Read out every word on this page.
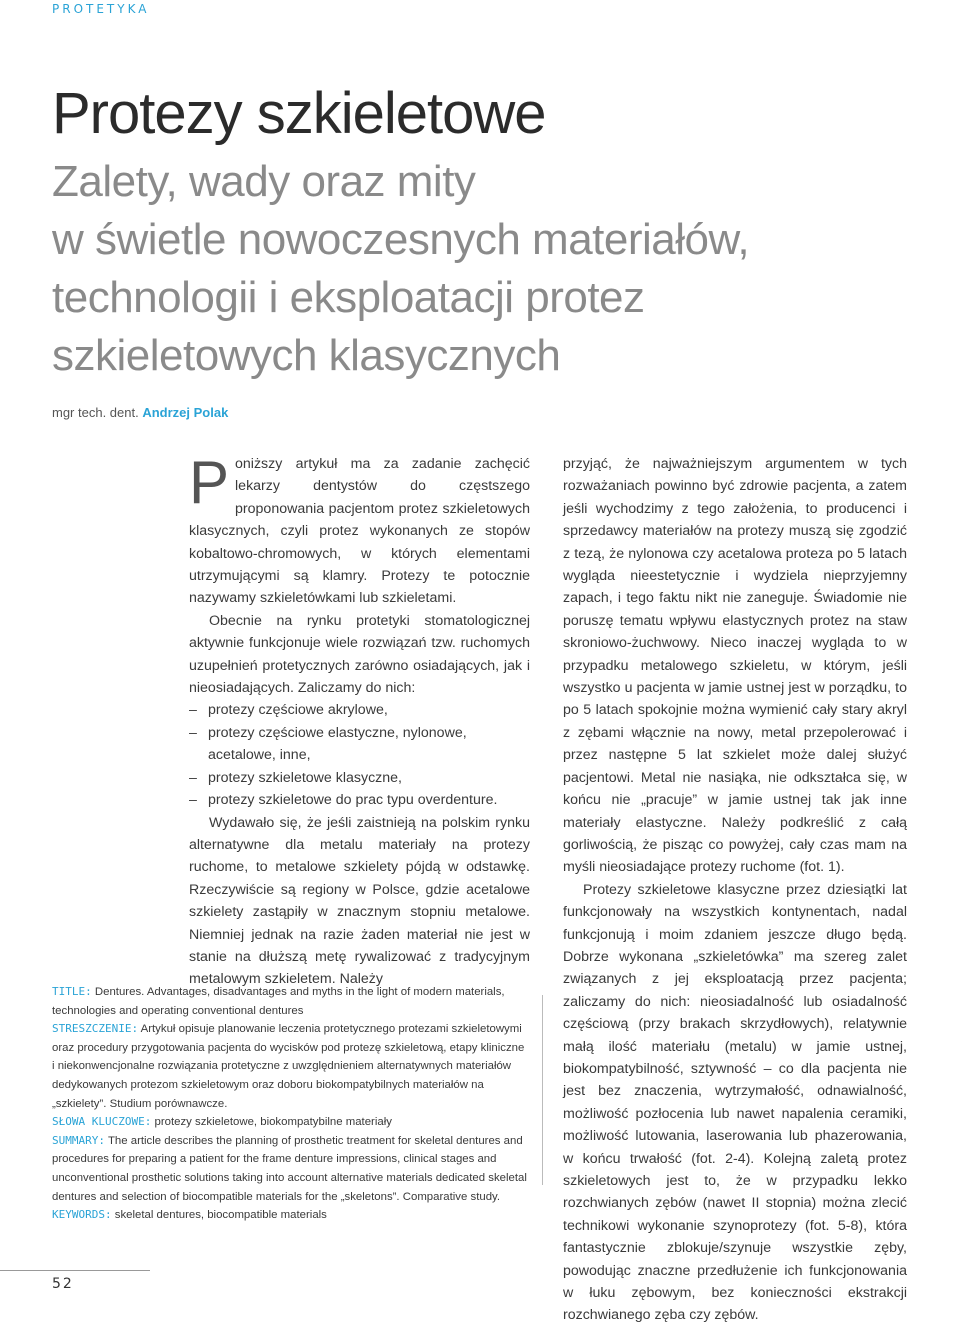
PROTETYKA
Protezy szkieletowe
Zalety, wady oraz mity
w świetle nowoczesnych materiałów,
technologii i eksploatacji protez
szkieletowych klasycznych
mgr tech. dent. Andrzej Polak

Poniższy artykuł ma za zadanie zachęcić lekarzy dentystów do częstszego proponowania pacjentom protez szkieletowych klasycznych, czyli protez wykonanych ze stopów kobaltowo-chromowych, w których elementami utrzymującymi są klamry. Protezy te potocznie nazywamy szkieletówkami lub szkieletami.

Obecnie na rynku protetyki stomatologicznej aktywnie funkcjonuje wiele rozwiązań tzw. ruchomych uzupełnień protetycznych zarówno osiadających, jak i nieosiadających. Zaliczamy do nich:

– protezy częściowe akrylowe,
– protezy częściowe elastyczne, nylonowe, acetalowe, inne,
– protezy szkieletowe klasyczne,
– protezy szkieletowe do prac typu overdenture.

Wydawało się, że jeśli zaistnieją na polskim rynku alternatywne dla metalu materiały na protezy ruchome, to metalowe szkielety pójdą w odstawkę. Rzeczywiście są regiony w Polsce, gdzie acetalowe szkielety zastąpiły w znacznym stopniu metalowe. Niemniej jednak na razie żaden materiał nie jest w stanie na dłuższą metę rywalizować z tradycyjnym metalowym szkieletem. Należy

przyjąć, że najważniejszym argumentem w tych rozważaniach powinno być zdrowie pacjenta, a zatem jeśli wychodzimy z tego założenia, to producenci i sprzedawcy materiałów na protezy muszą się zgodzić z tezą, że nylonowa czy acetalowa proteza po 5 latach wygląda nieestetycznie i wydziela nieprzyjemny zapach, i tego faktu nikt nie zaneguje. Świadomie nie poruszę tematu wpływu elastycznych protez na staw skroniowo-żuchwowy. Nieco inaczej wygląda to w przypadku metalowego szkieletu, w którym, jeśli wszystko u pacjenta w jamie ustnej jest w porządku, to po 5 latach spokojnie można wymienić cały stary akryl z zębami włącznie na nowy, metal przepolerować i przez następne 5 lat szkielet może dalej służyć pacjentowi. Metal nie nasiąka, nie odkształca się, w końcu nie „pracuje” w jamie ustnej tak jak inne materiały elastyczne. Należy podkreślić z całą gorliwością, że pisząc co powyżej, cały czas mam na myśli nieosiadające protezy ruchome (fot. 1).

Protezy szkieletowe klasyczne przez dziesiątki lat funkcjonowały na wszystkich kontynentach, nadal funkcjonują i moim zdaniem jeszcze długo będą. Dobrze wykonana „szkieletówka” ma szereg zalet związanych z jej eksploatacją przez pacjenta; zaliczamy do nich: nieosiadalność lub osiadalność częściową (przy brakach skrzydłowych), relatywnie małą ilość materiału (metalu) w jamie ustnej, biokompatybilność, sztywność – co dla pacjenta nie jest bez znaczenia, wytrzymałość, odnawialność, możliwość pozłocenia lub nawet napalenia ceramiki, możliwość lutowania, laserowania lub phazerowania, w końcu trwałość (fot. 2-4). Kolejną zaletą protez szkieletowych jest to, że w przypadku lekko rozchwianych zębów (nawet II stopnia) można zlecić technikowi wykonanie szynoprotezy (fot. 5-8), która fantastycznie zblokuje/szynuje wszystkie zęby, powodując znaczne przedłużenie ich funkcjonowania w łuku zębowym, bez konieczności ekstrakcji rozchwianego zęba czy zębów.

TITLE: Dentures. Advantages, disadvantages and myths in the light of modern materials, technologies and operating conventional dentures

STRESZCZENIE: Artykuł opisuje planowanie leczenia protetycznego protezami szkieletowymi oraz procedury przygotowania pacjenta do wycisków pod protezę szkieletową, etapy kliniczne i niekonwencjonalne rozwiązania protetyczne z uwzględnieniem alternatywnych materiałów dedykowanych protezom szkieletowym oraz doboru biokompatybilnych materiałów na „szkielety”. Studium porównawcze.

SŁOWA KLUCZOWE: protezy szkieletowe, biokompatybilne materiały

SUMMARY: The article describes the planning of prosthetic treatment for skeletal dentures and procedures for preparing a patient for the frame denture impressions, clinical stages and unconventional prosthetic solutions taking into account alternative materials dedicated skeletal dentures and selection of biocompatible materials for the „skeletons”. Comparative study.

KEYWORDS: skeletal dentures, biocompatible materials

52
